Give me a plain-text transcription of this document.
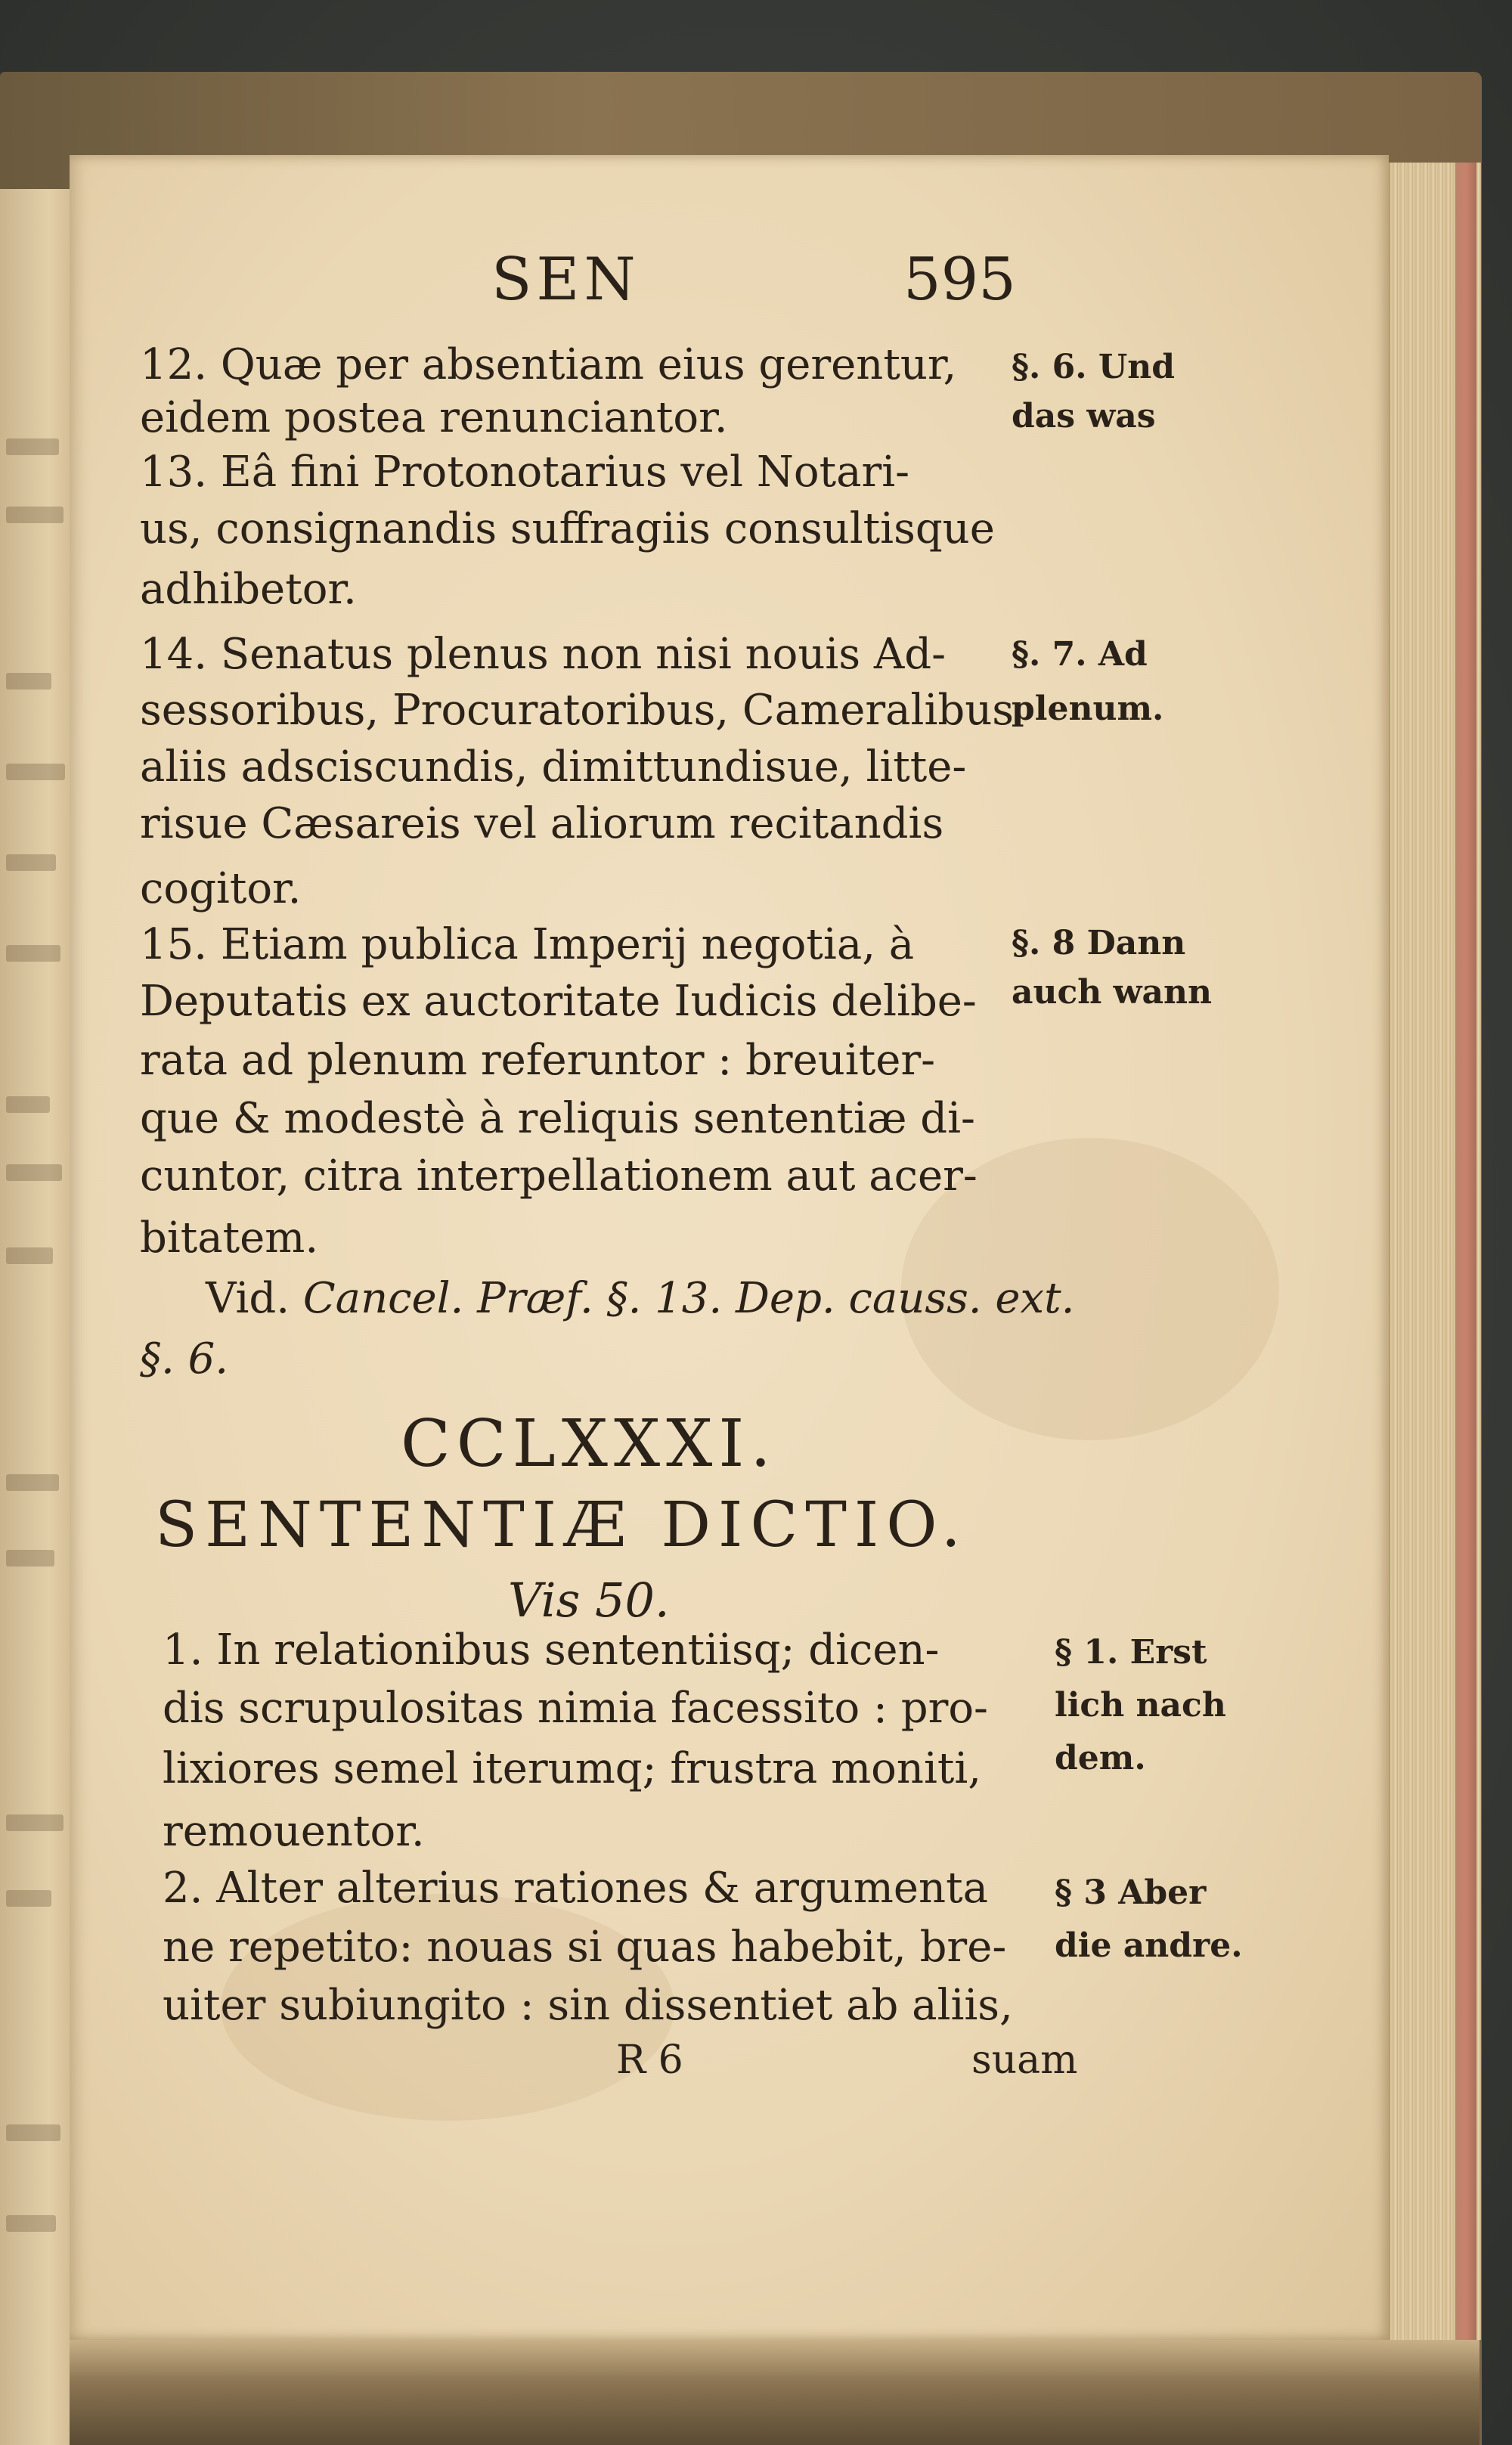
SEN	595
12. Quæ per absentiam eius gerentur,
eidem postea renunciantor.
13. Eâ fini Protonotarius vel Notari-
us, consignandis suffragiis consultisque
adhibetor.
14. Senatus plenus non nisi nouis Ad-
sessoribus, Procuratoribus, Cameralibus
aliis adsciscundis, dimittundisue, litte-
risue Cæsareis vel aliorum recitandis
cogitor.
15. Etiam publica Imperij negotia, à
Deputatis ex auctoritate Iudicis delibe-
rata ad plenum referuntor : breuiter-
que & modestè à reliquis sententiæ di-
cuntor, citra interpellationem aut acer-
bitatem.
Vid. Cancel. Præf. §. 13. Dep. causs. ext.
§. 6.
§. 6. Und
das was
§. 7. Ad
plenum.
§. 8 Dann
auch wann
CCLXXXI.
SENTENTIÆ DICTIO.
Vis 50.
1. In relationibus sententiisq; dicen-
dis scrupulositas nimia facessito : pro-
lixiores semel iterumq; frustra moniti,
remouentor.
2. Alter alterius rationes & argumenta
ne repetito: nouas si quas habebit, bre-
uiter subiungito : sin dissentiet ab aliis,
§ 1. Erst
lich nach
dem.
§ 3 Aber
die andre.
R 6	suam
